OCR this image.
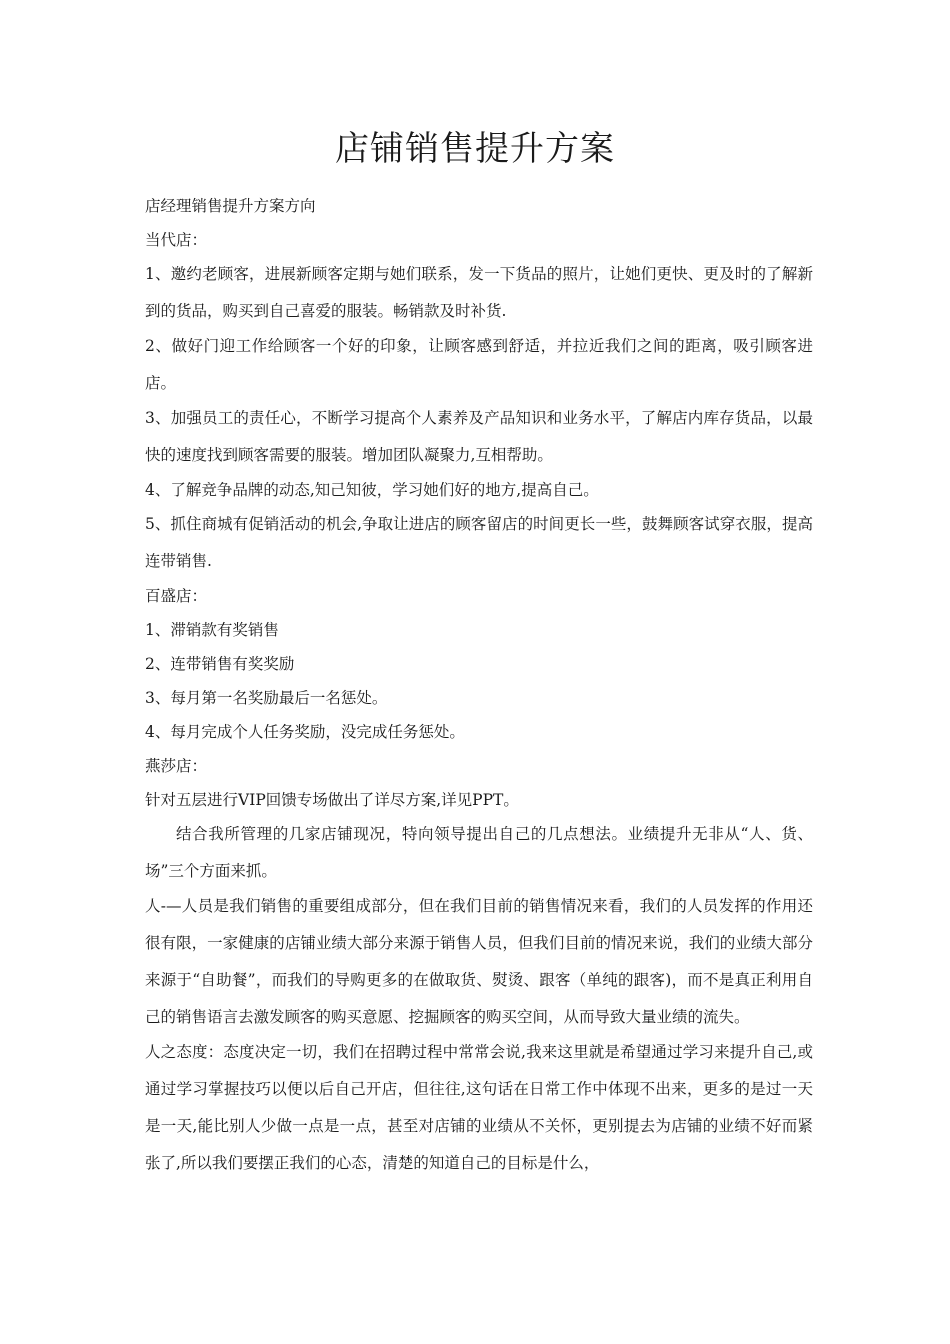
店铺销售提升方案

店经理销售提升方案方向

当代店：

1、邀约老顾客，进展新顾客定期与她们联系，发一下货品的照片，让她们更快、更及时的了解新到的货品，购买到自己喜爱的服装。畅销款及时补货.

2、做好门迎工作给顾客一个好的印象，让顾客感到舒适，并拉近我们之间的距离，吸引顾客进店。

3、加强员工的责任心，不断学习提高个人素养及产品知识和业务水平，了解店内库存货品，以最快的速度找到顾客需要的服装。增加团队凝聚力,互相帮助。

4、了解竞争品牌的动态,知己知彼，学习她们好的地方,提高自己。

5、抓住商城有促销活动的机会,争取让进店的顾客留店的时间更长一些，鼓舞顾客试穿衣服，提高连带销售.

百盛店：

1、滞销款有奖销售

2、连带销售有奖奖励

3、每月第一名奖励最后一名惩处。

4、每月完成个人任务奖励，没完成任务惩处。

燕莎店：

针对五层进行VIP回馈专场做出了详尽方案,详见PPT。

结合我所管理的几家店铺现况，特向领导提出自己的几点想法。业绩提升无非从“人、货、场”三个方面来抓。

人-—人员是我们销售的重要组成部分，但在我们目前的销售情况来看，我们的人员发挥的作用还很有限，一家健康的店铺业绩大部分来源于销售人员，但我们目前的情况来说，我们的业绩大部分来源于“自助餐”，而我们的导购更多的在做取货、熨烫、跟客（单纯的跟客)，而不是真正利用自己的销售语言去激发顾客的购买意愿、挖掘顾客的购买空间，从而导致大量业绩的流失。

人之态度：态度决定一切，我们在招聘过程中常常会说,我来这里就是希望通过学习来提升自己,或通过学习掌握技巧以便以后自己开店，但往往,这句话在日常工作中体现不出来，更多的是过一天是一天,能比别人少做一点是一点，甚至对店铺的业绩从不关怀，更别提去为店铺的业绩不好而紧张了,所以我们要摆正我们的心态，清楚的知道自己的目标是什么，
